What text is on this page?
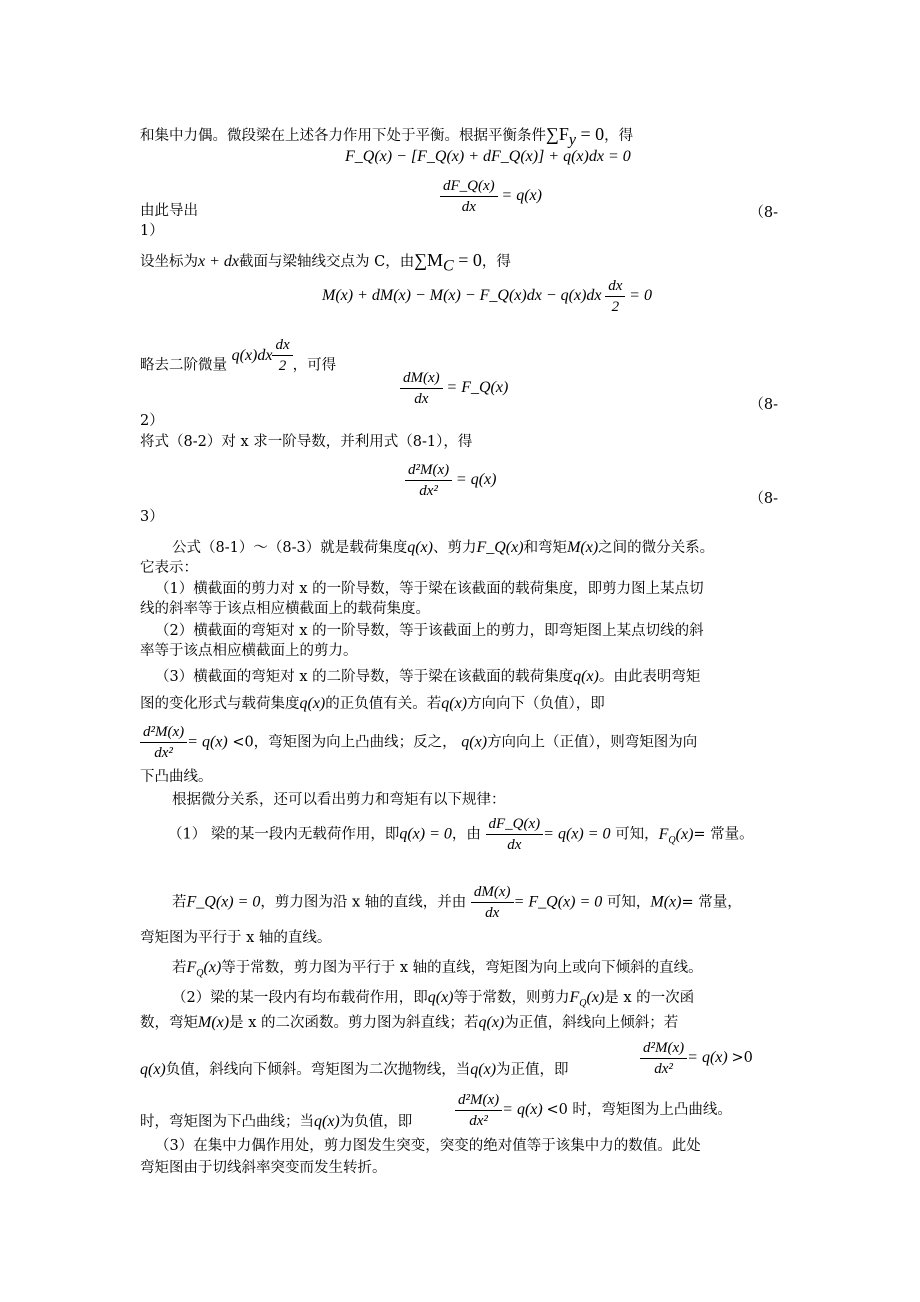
和集中力偶。微段梁在上述各力作用下处于平衡。根据平衡条件$\sum F_y = 0$，得
F_Q(x) − [F_Q(x) + dF_Q(x)] + q(x)dx = 0
$\frac{dF\_Q(x)}{dx} = q(x)$
由此导出	（8-
1）
设坐标为x + dx截面与梁轴线交点为 C，由$\sum M_C = 0$，得
M(x) + dM(x) − M(x) − F_Q(x)dx − $q(x)dx \frac{dx}{2} = 0$
略去二阶微量 $q(x)dx \frac{dx}{2}$ ，可得
$\frac{dM(x)}{dx}$ = F_Q(x)
（8-
2）
将式（8-2）对 x 求一阶导数，并利用式（8-1），得
$\frac{\text{d²M(x)}}{\text{dx²}} = q(x)$
（8-
3）
公式（8-1）～（8-3）就是载荷集度q(x)、剪力F_Q(x)和弯矩M(x)之间的微分关系。
它表示：
（1）横截面的剪力对 x 的一阶导数，等于梁在该截面的载荷集度，即剪力图上某点切
线的斜率等于该点相应横截面上的载荷集度。
（2）横截面的弯矩对 x 的一阶导数，等于该截面上的剪力，即弯矩图上某点切线的斜
率等于该点相应横截面上的剪力。
（3）横截面的弯矩对 x 的二阶导数，等于梁在该截面的载荷集度q(x)。由此表明弯矩
图的变化形式与载荷集度q(x)的正负值有关。若q(x)方向向下（负值），即
$\frac{\text{d²M(x)}}{\text{dx²}} = q(x) <0$，弯矩图为向上凸曲线；反之， q(x)方向向上（正值），则弯矩图为向
下凸曲线。
根据微分关系，还可以看出剪力和弯矩有以下规律：
（1） 梁的某一段内无载荷作用，即q(x) = 0，由 $\frac{dF\_Q(x)}{dx} = q(x) = 0$ 可知，$F_Q(x)=$ 常量。
若F_Q(x) = 0，剪力图为沿 x 轴的直线，并由 $\frac{dM(x)}{dx}$ = F_Q(x) = 0 可知，M(x)= 常量，
弯矩图为平行于 x 轴的直线。
若$F_Q(x)$等于常数，剪力图为平行于 x 轴的直线，弯矩图为向上或向下倾斜的直线。
（2）梁的某一段内有均布载荷作用，即q(x)等于常数，则剪力$F_Q(x)$是 x 的一次函
数，弯矩M(x)是 x 的二次函数。剪力图为斜直线；若q(x)为正值，斜线向上倾斜；若
q(x)负值，斜线向下倾斜。弯矩图为二次抛物线，当q(x)为正值，即	$\frac{\text{d²M(x)}}{\text{dx²}} = q(x) >0$
时，弯矩图为下凸曲线；当q(x)为负值，即	$\frac{\text{d²M(x)}}{\text{dx²}} = q(x) <0$ 时，弯矩图为上凸曲线。
（3）在集中力偶作用处，剪力图发生突变，突变的绝对值等于该集中力的数值。此处
弯矩图由于切线斜率突变而发生转折。
